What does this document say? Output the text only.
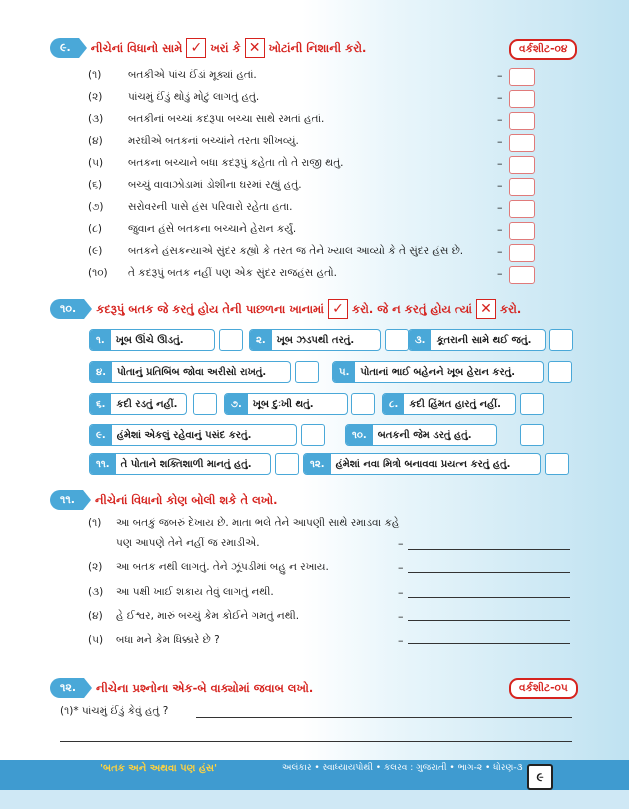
૯.	નીચેનાં વિધાનો સામે ✓ ખરાં કે ✕ ખોટાંની નિશાની કરો.	વર્કશીટ-૦૪
(૧)	બતકીએ પાંચ ઈંડાં મૂક્યાં હતાં.	–
(૨)	પાંચમું ઈંડું થોડું મોટું લાગતું હતું.	–
(૩)	બતકીનાં બચ્ચાં કદરૂપા બચ્ચા સાથે રમતાં હતાં.	–
(૪)	મરઘીએ બતકનાં બચ્ચાંને તરતા શીખવ્યું.	–
(૫)	બતકના બચ્ચાને બધા કદરૂપું કહેતા તો તે રાજી થતું.	–
(૬)	બચ્ચું વાવાઝોડામાં ડોશીના ઘરમાં રહ્યું હતું.	–
(૭)	સરોવરની પાસે હંસ પરિવારો રહેતા હતા.	–
(૮)	જુવાન હંસે બતકના બચ્ચાને હેરાન કર્યું.	–
(૯)	બતકને હંસકન્યાએ સુંદર કહ્યો કે તરત જ તેને ખ્યાલ આવ્યો કે તે સુંદર હંસ છે.	–
(૧૦)	તે કદરૂપું બતક નહીં પણ એક સુંદર રાજહંસ હતો.	–
૧૦.	કદરૂપું બતક જે કરતું હોય તેની પાછળના ખાનામાં ✓ કરો. જે ન કરતું હોય ત્યાં ✕ કરો.
૧.	ખૂબ ઊંચે ઊડતું.	૨.	ખૂબ ઝડપથી તરતું.	૩.	કૂતરાની સામે થઈ જતું.
૪.	પોતાનું પ્રતિબિંબ જોવા અરીસો રાખતું.	૫.	પોતાનાં ભાઈ બહેનને ખૂબ હેરાન કરતું.
૬.	કદી રડતું નહીં.	૭.	ખૂબ દુઃખી થતું.	૮.	કદી હિંમત હારતું નહીં.
૯.	હંમેશાં એકલું રહેવાનું પસંદ કરતું.	૧૦.	બતકની જેમ ડરતું હતું.
૧૧.	તે પોતાને શક્તિશાળી માનતું હતું.	૧૨.	હંમેશાં નવા મિત્રો બનાવવા પ્રયત્ન કરતું હતું.
૧૧.	નીચેનાં વિધાનો કોણ બોલી શકે તે લખો.
(૧)	આ બતકું જબરું દેખાય છે. માતા ભલે તેને આપણી સાથે રમાડવા કહે
પણ આપણે તેને નહીં જ રમાડીએ.	–
(૨)	આ બતક નથી લાગતું. તેને ઝૂંપડીમાં બહુ ન રખાય.	–
(૩)	આ પક્ષી ખાઈ શકાય તેવું લાગતું નથી.	–
(૪)	હે ઈશ્વર, મારું બચ્ચું કેમ કોઈને ગમતું નથી.	–
(૫)	બધા મને કેમ ધિક્કારે છે ?	–
૧૨.	નીચેના પ્રશ્નોના એક-બે વાક્યોમાં જવાબ લખો.	વર્કશીટ-૦૫
(૧)* પાંચમું ઈંડું કેવું હતું ?
'બતક અને અથવા પણ હંસ'	અલંકાર • સ્વાધ્યાયપોથી • કલરવ : ગુજરાતી • ભાગ-૨ • ધોરણ-૩
૯
